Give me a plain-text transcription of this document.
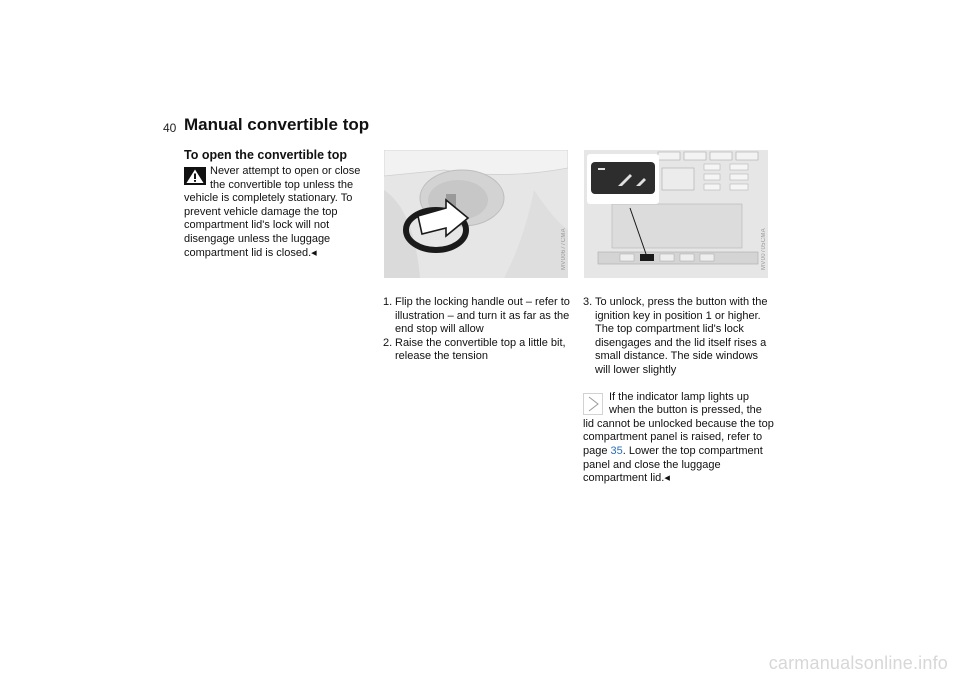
40 Manual convertible top
To open the convertible top
Never attempt to open or close the convertible top unless the vehicle is completely stationary. To prevent vehicle damage the top compartment lid's lock will not disengage unless the luggage compartment lid is closed.◂	MV00677CMA	MV00705CMA
1. Flip the locking handle out – refer to illustration – and turn it as far as the end stop will allow
2. Raise the convertible top a little bit, release the tension
3. To unlock, press the button with the ignition key in position 1 or higher. The top compartment lid's lock disengages and the lid itself rises a small distance. The side windows will lower slightly
If the indicator lamp lights up when the button is pressed, the lid cannot be unlocked because the top compartment panel is raised, refer to page 35. Lower the top compartment panel and close the luggage compartment lid.◂
carmanualsonline.info
